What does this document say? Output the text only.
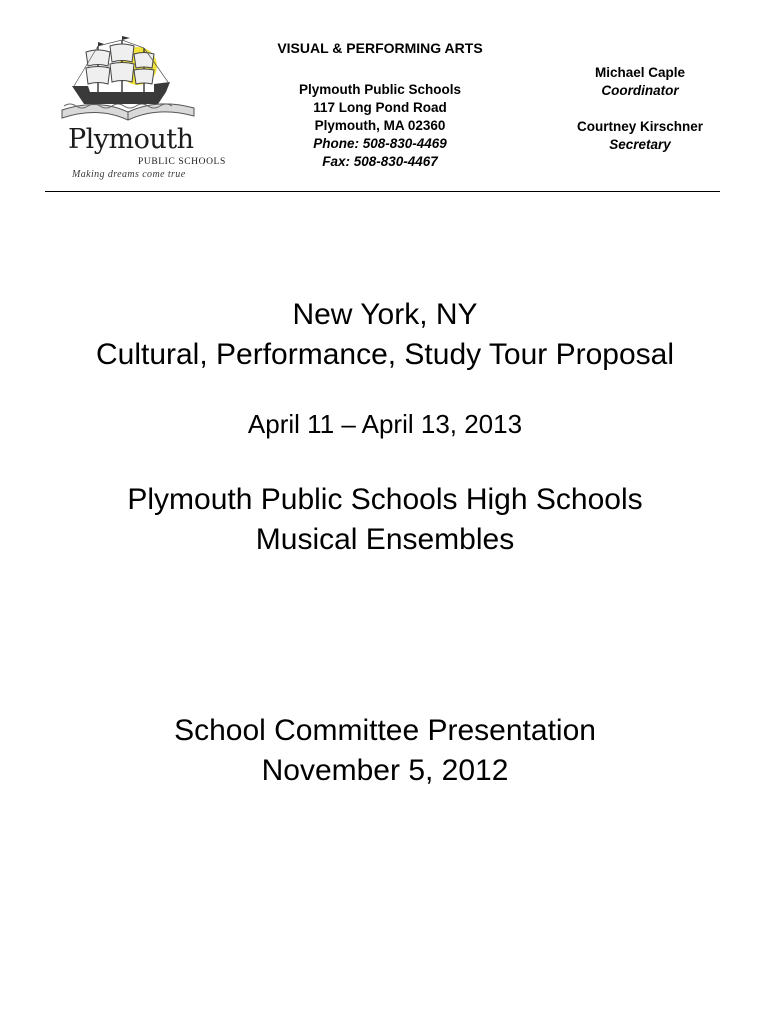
Plymouth
PUBLIC SCHOOLS
Making dreams come true
VISUAL & PERFORMING ARTS
Plymouth Public Schools
117 Long Pond Road
Plymouth, MA 02360
Phone: 508-830-4469
Fax: 508-830-4467
Michael Caple
Coordinator
Courtney Kirschner
Secretary
New York, NY
Cultural, Performance, Study Tour Proposal
April 11 – April 13, 2013
Plymouth Public Schools High Schools
Musical Ensembles
School Committee Presentation
November 5, 2012
